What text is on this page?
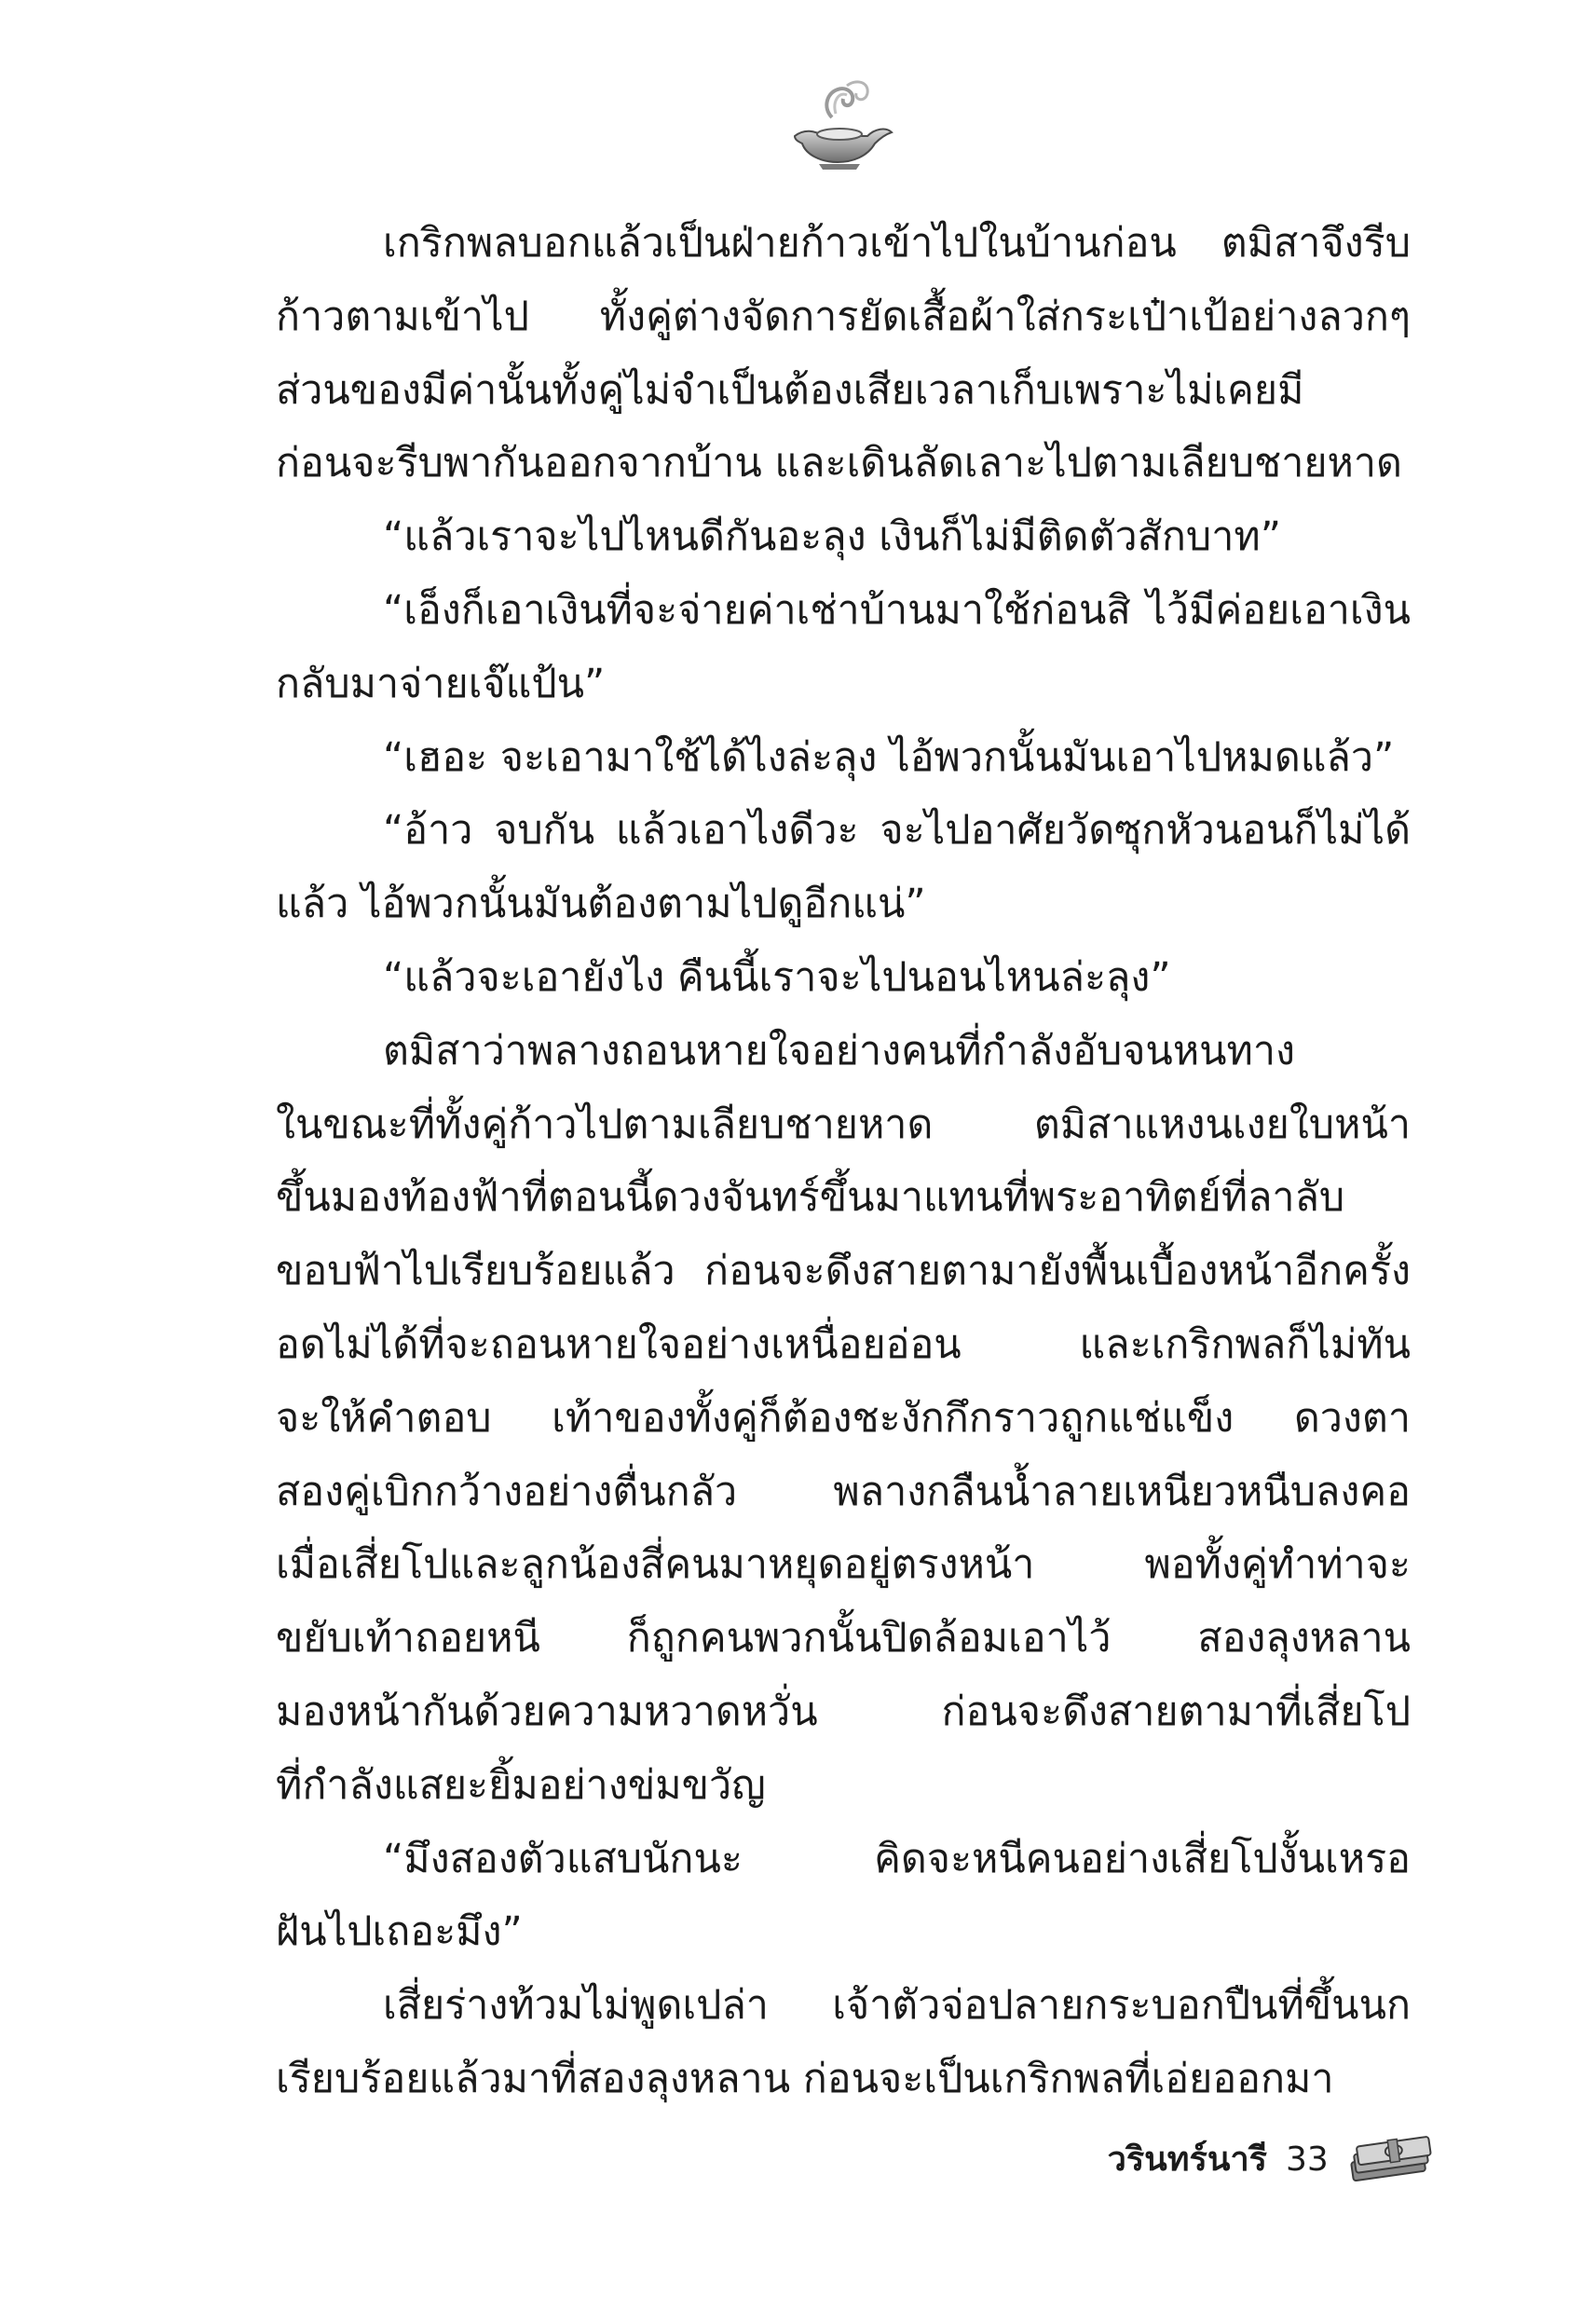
เกริกพลบอกแล้วเป็นฝ่ายก้าวเข้าไปในบ้านก่อน ตมิสาจึงรีบ
ก้าวตามเข้าไป ทั้งคู่ต่างจัดการยัดเสื้อผ้าใส่กระเป๋าเป้อย่างลวกๆ
ส่วนของมีค่านั้นทั้งคู่ไม่จำเป็นต้องเสียเวลาเก็บเพราะไม่เคยมี
ก่อนจะรีบพากันออกจากบ้าน และเดินลัดเลาะไปตามเลียบชายหาด
“แล้วเราจะไปไหนดีกันอะลุง เงินก็ไม่มีติดตัวสักบาท”
“เอ็งก็เอาเงินที่จะจ่ายค่าเช่าบ้านมาใช้ก่อนสิ ไว้มีค่อยเอาเงิน
กลับมาจ่ายเจ๊แป้น”
“เฮอะ จะเอามาใช้ได้ไงล่ะลุง ไอ้พวกนั้นมันเอาไปหมดแล้ว”
“อ้าว จบกัน แล้วเอาไงดีวะ จะไปอาศัยวัดซุกหัวนอนก็ไม่ได้
แล้ว ไอ้พวกนั้นมันต้องตามไปดูอีกแน่”
“แล้วจะเอายังไง คืนนี้เราจะไปนอนไหนล่ะลุง”
ตมิสาว่าพลางถอนหายใจอย่างคนที่กำลังอับจนหนทาง
ในขณะที่ทั้งคู่ก้าวไปตามเลียบชายหาด ตมิสาแหงนเงยใบหน้า
ขึ้นมองท้องฟ้าที่ตอนนี้ดวงจันทร์ขึ้นมาแทนที่พระอาทิตย์ที่ลาลับ
ขอบฟ้าไปเรียบร้อยแล้ว ก่อนจะดึงสายตามายังพื้นเบื้องหน้าอีกครั้ง
อดไม่ได้ที่จะถอนหายใจอย่างเหนื่อยอ่อน และเกริกพลก็ไม่ทัน
จะให้คำตอบ เท้าของทั้งคู่ก็ต้องชะงักกึกราวถูกแช่แข็ง ดวงตา
สองคู่เบิกกว้างอย่างตื่นกลัว พลางกลืนน้ำลายเหนียวหนืบลงคอ
เมื่อเสี่ยโปและลูกน้องสี่คนมาหยุดอยู่ตรงหน้า พอทั้งคู่ทำท่าจะ
ขยับเท้าถอยหนี ก็ถูกคนพวกนั้นปิดล้อมเอาไว้ สองลุงหลาน
มองหน้ากันด้วยความหวาดหวั่น ก่อนจะดึงสายตามาที่เสี่ยโป
ที่กำลังแสยะยิ้มอย่างข่มขวัญ
“มึงสองตัวแสบนักนะ คิดจะหนีคนอย่างเสี่ยโปงั้นเหรอ
ฝันไปเถอะมึง”
เสี่ยร่างท้วมไม่พูดเปล่า เจ้าตัวจ่อปลายกระบอกปืนที่ขึ้นนก
เรียบร้อยแล้วมาที่สองลุงหลาน ก่อนจะเป็นเกริกพลที่เอ่ยออกมา
วรินทร์นารี 33
